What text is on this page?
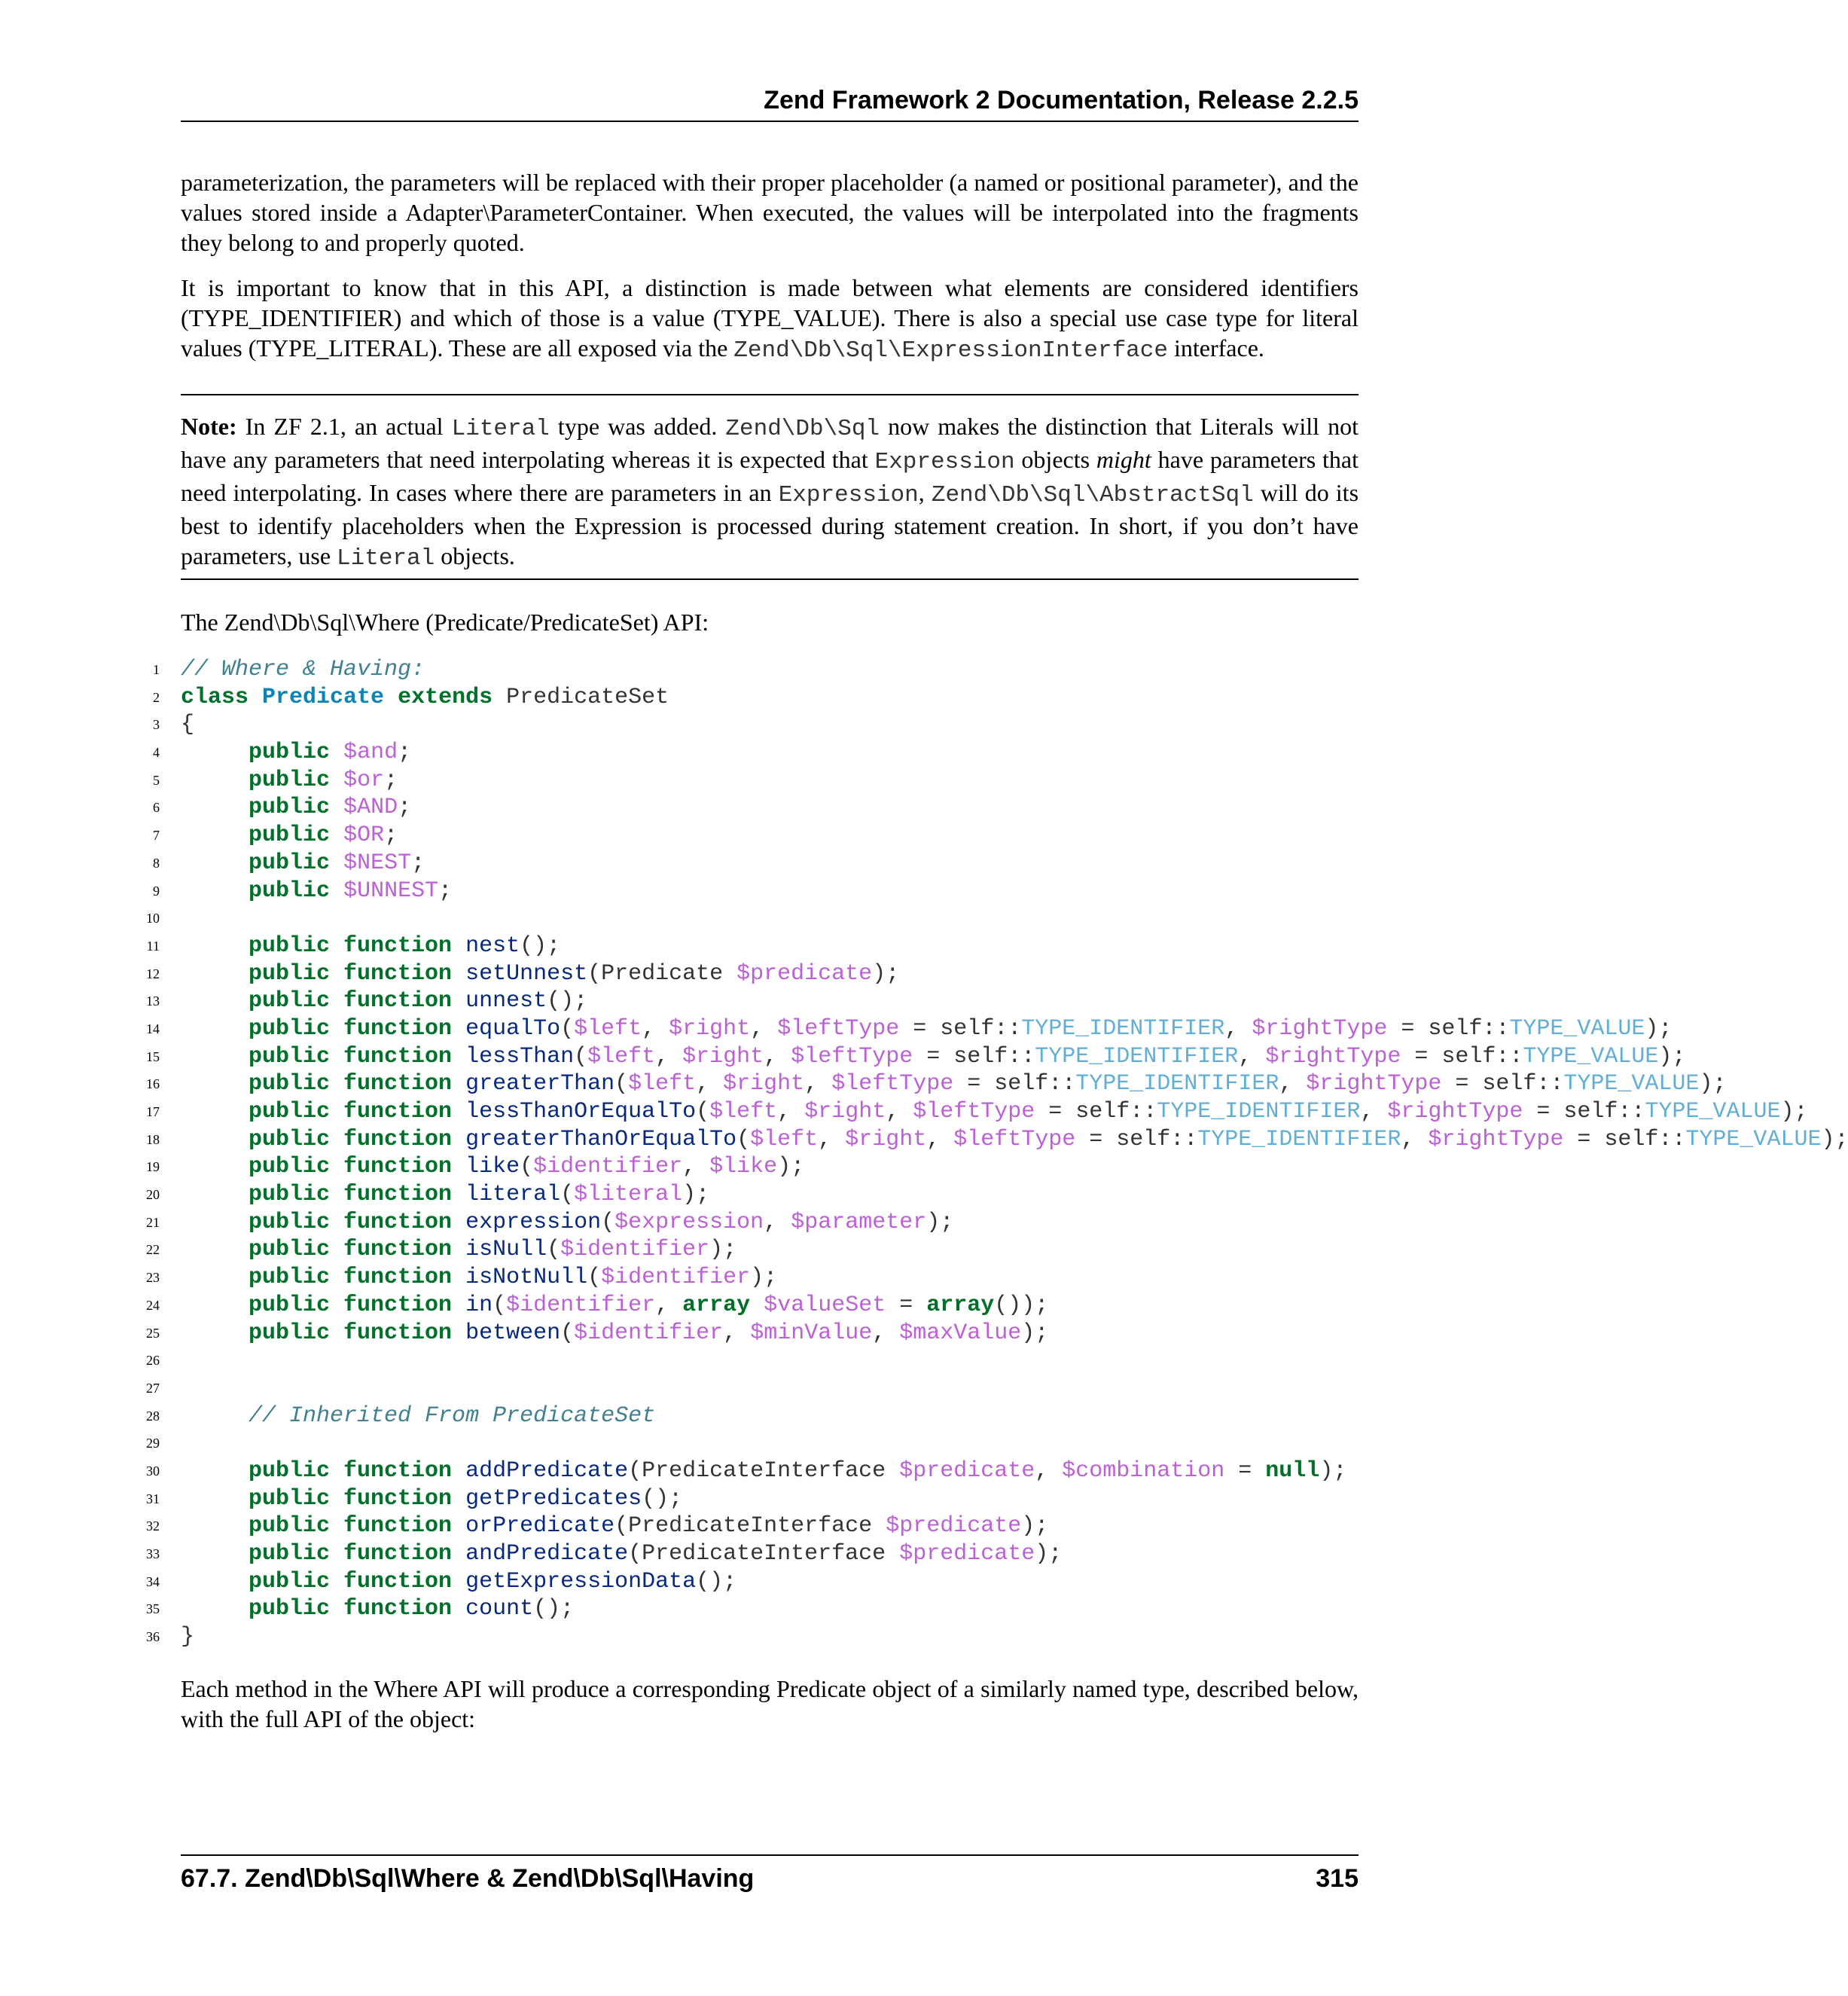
Zend Framework 2 Documentation, Release 2.2.5

parameterization, the parameters will be replaced with their proper placeholder (a named or positional parameter), and the values stored inside a Adapter\ParameterContainer. When executed, the values will be interpolated into the fragments they belong to and properly quoted.

It is important to know that in this API, a distinction is made between what elements are considered identifiers (TYPE_IDENTIFIER) and which of those is a value (TYPE_VALUE). There is also a special use case type for literal values (TYPE_LITERAL). These are all exposed via the Zend\Db\Sql\ExpressionInterface interface.

Note: In ZF 2.1, an actual Literal type was added. Zend\Db\Sql now makes the distinction that Literals will not have any parameters that need interpolating whereas it is expected that Expression objects might have parameters that need interpolating. In cases where there are parameters in an Expression, Zend\Db\Sql\AbstractSql will do its best to identify placeholders when the Expression is processed during statement creation. In short, if you don’t have parameters, use Literal objects.

The Zend\Db\Sql\Where (Predicate/PredicateSet) API:

1 // Where & Having:
2 class Predicate extends PredicateSet
3 {
4	public $and;
5	public $or;
6	public $AND;
7	public $OR;
8	public $NEST;
9	public $UNNEST;
10
11	public function nest();
12	public function setUnnest(Predicate $predicate);
13	public function unnest();
14	public function equalTo($left, $right, $leftType = self::TYPE_IDENTIFIER, $rightType = self::TYPE_VALUE);
15	public function lessThan($left, $right, $leftType = self::TYPE_IDENTIFIER, $rightType = self::TYPE_VALUE);
16	public function greaterThan($left, $right, $leftType = self::TYPE_IDENTIFIER, $rightType = self::TYPE_VALUE);
17	public function lessThanOrEqualTo($left, $right, $leftType = self::TYPE_IDENTIFIER, $rightType = self::TYPE_VALUE);
18	public function greaterThanOrEqualTo($left, $right, $leftType = self::TYPE_IDENTIFIER, $rightType = self::TYPE_VALUE);
19	public function like($identifier, $like);
20	public function literal($literal);
21	public function expression($expression, $parameter);
22	public function isNull($identifier);
23	public function isNotNull($identifier);
24	public function in($identifier, array $valueSet = array());
25	public function between($identifier, $minValue, $maxValue);
26
27
28	// Inherited From PredicateSet
29
30	public function addPredicate(PredicateInterface $predicate, $combination = null);
31	public function getPredicates();
32	public function orPredicate(PredicateInterface $predicate);
33	public function andPredicate(PredicateInterface $predicate);
34	public function getExpressionData();
35	public function count();
36 }

Each method in the Where API will produce a corresponding Predicate object of a similarly named type, described below, with the full API of the object:

67.7. Zend\Db\Sql\Where & Zend\Db\Sql\Having	315
